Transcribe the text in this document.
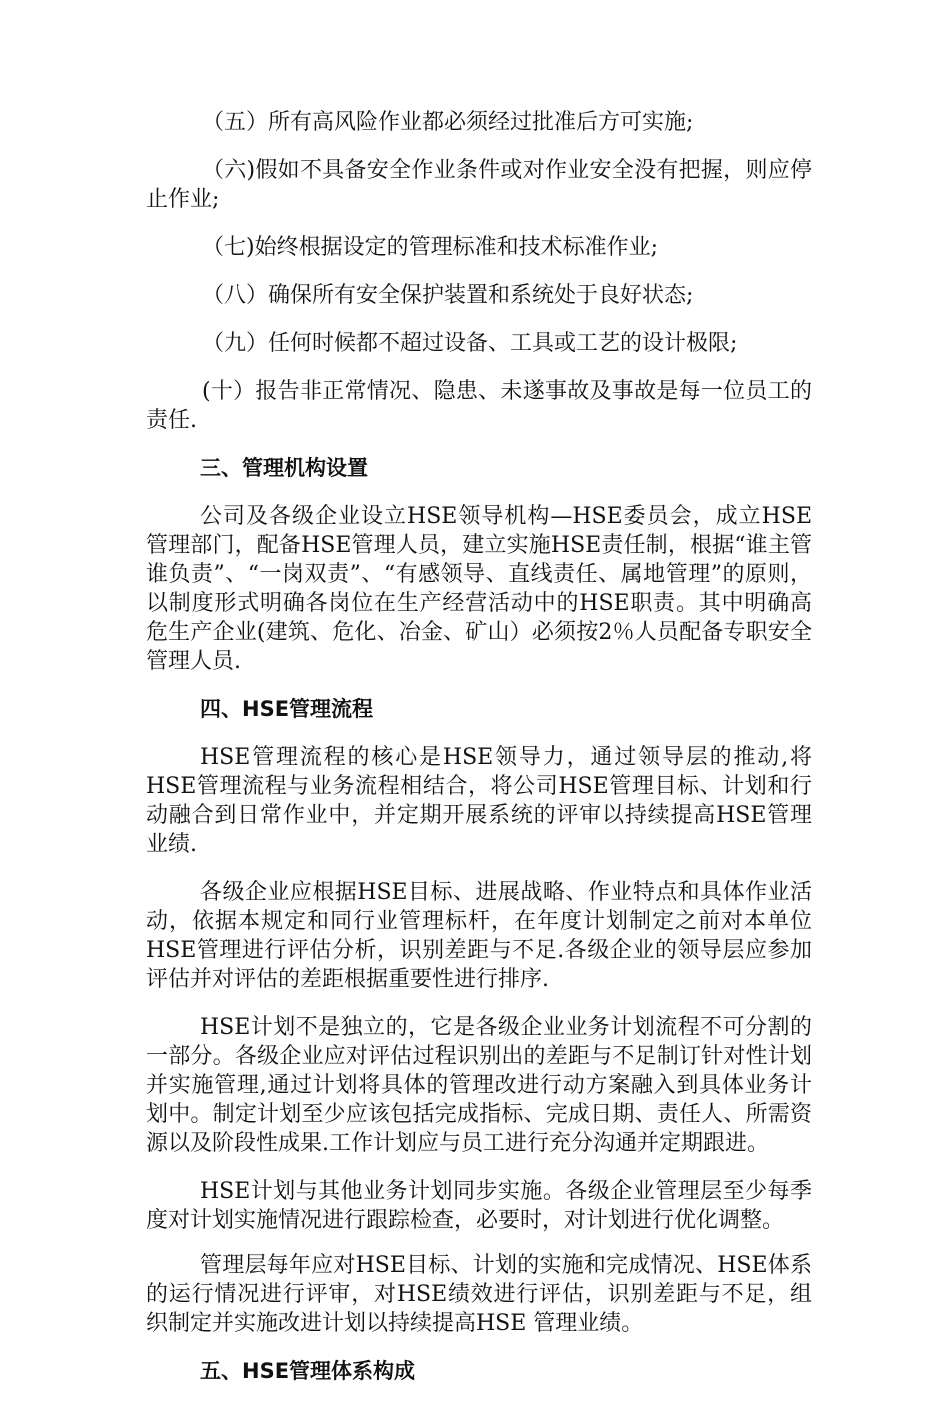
（五）所有高风险作业都必须经过批准后方可实施;

（六)假如不具备安全作业条件或对作业安全没有把握，则应停止作业;

（七)始终根据设定的管理标准和技术标准作业;

（八）确保所有安全保护装置和系统处于良好状态;

（九）任何时候都不超过设备、工具或工艺的设计极限;

(十）报告非正常情况、隐患、未遂事故及事故是每一位员工的责任.

三、管理机构设置

公司及各级企业设立HSE领导机构—HSE委员会，成立HSE管理部门，配备HSE管理人员，建立实施HSE责任制，根据“谁主管谁负责”、“一岗双责”、“有感领导、直线责任、属地管理”的原则，以制度形式明确各岗位在生产经营活动中的HSE职责。其中明确高危生产企业(建筑、危化、冶金、矿山）必须按2％人员配备专职安全管理人员.

四、HSE管理流程

HSE管理流程的核心是HSE领导力，通过领导层的推动,将HSE管理流程与业务流程相结合，将公司HSE管理目标、计划和行动融合到日常作业中，并定期开展系统的评审以持续提高HSE管理业绩.

各级企业应根据HSE目标、进展战略、作业特点和具体作业活动，依据本规定和同行业管理标杆，在年度计划制定之前对本单位HSE管理进行评估分析，识别差距与不足.各级企业的领导层应参加评估并对评估的差距根据重要性进行排序.

HSE计划不是独立的，它是各级企业业务计划流程不可分割的一部分。各级企业应对评估过程识别出的差距与不足制订针对性计划并实施管理,通过计划将具体的管理改进行动方案融入到具体业务计划中。制定计划至少应该包括完成指标、完成日期、责任人、所需资源以及阶段性成果.工作计划应与员工进行充分沟通并定期跟进。

HSE计划与其他业务计划同步实施。各级企业管理层至少每季度对计划实施情况进行跟踪检查，必要时，对计划进行优化调整。

管理层每年应对HSE目标、计划的实施和完成情况、HSE体系的运行情况进行评审，对HSE绩效进行评估，识别差距与不足，组织制定并实施改进计划以持续提高HSE 管理业绩。

五、HSE管理体系构成
